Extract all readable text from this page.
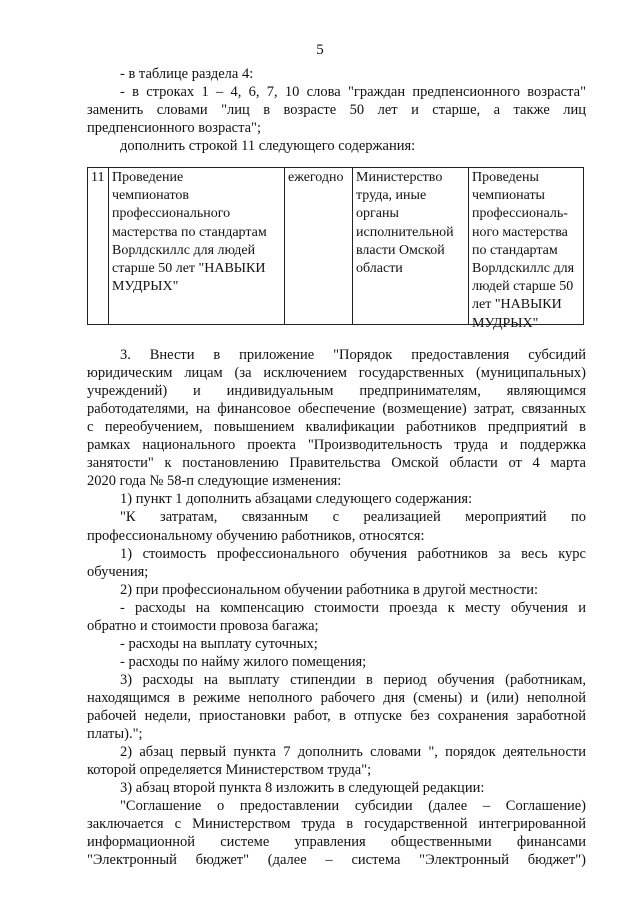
5
- в таблице раздела 4:
- в строках 1 – 4, 6, 7, 10 слова "граждан предпенсионного возраста"
заменить словами "лиц в возрасте 50 лет и старше, а также лиц
предпенсионного возраста";
дополнить строкой 11 следующего содержания:
11 Проведение
чемпионатов
профессионального
мастерства по стандартам
Ворлдскиллс для людей
старше 50 лет "НАВЫКИ
МУДРЫХ"
ежегодно Министерство
труда, иные
органы
исполнительной
власти Омской
области
Проведены
чемпионаты
профессиональ-
ного мастерства
по стандартам
Ворлдскиллс для
людей старше 50
лет "НАВЫКИ
МУДРЫХ"
3. Внести в приложение "Порядок предоставления субсидий
юридическим лицам (за исключением государственных (муниципальных)
учреждений) и индивидуальным предпринимателям, являющимся
работодателями, на финансовое обеспечение (возмещение) затрат, связанных
с переобучением, повышением квалификации работников предприятий в
рамках национального проекта "Производительность труда и поддержка
занятости" к постановлению Правительства Омской области от 4 марта
2020 года № 58-п следующие изменения:
1) пункт 1 дополнить абзацами следующего содержания:
"К затратам, связанным с реализацией мероприятий по
профессиональному обучению работников, относятся:
1) стоимость профессионального обучения работников за весь курс
обучения;
2) при профессиональном обучении работника в другой местности:
- расходы на компенсацию стоимости проезда к месту обучения и
обратно и стоимости провоза багажа;
- расходы на выплату суточных;
- расходы по найму жилого помещения;
3) расходы на выплату стипендии в период обучения (работникам,
находящимся в режиме неполного рабочего дня (смены) и (или) неполной
рабочей недели, приостановки работ, в отпуске без сохранения заработной
платы).";
2) абзац первый пункта 7 дополнить словами ", порядок деятельности
которой определяется Министерством труда";
3) абзац второй пункта 8 изложить в следующей редакции:
"Соглашение о предоставлении субсидии (далее – Соглашение)
заключается с Министерством труда в государственной интегрированной
информационной системе управления общественными финансами
"Электронный бюджет" (далее – система "Электронный бюджет")
